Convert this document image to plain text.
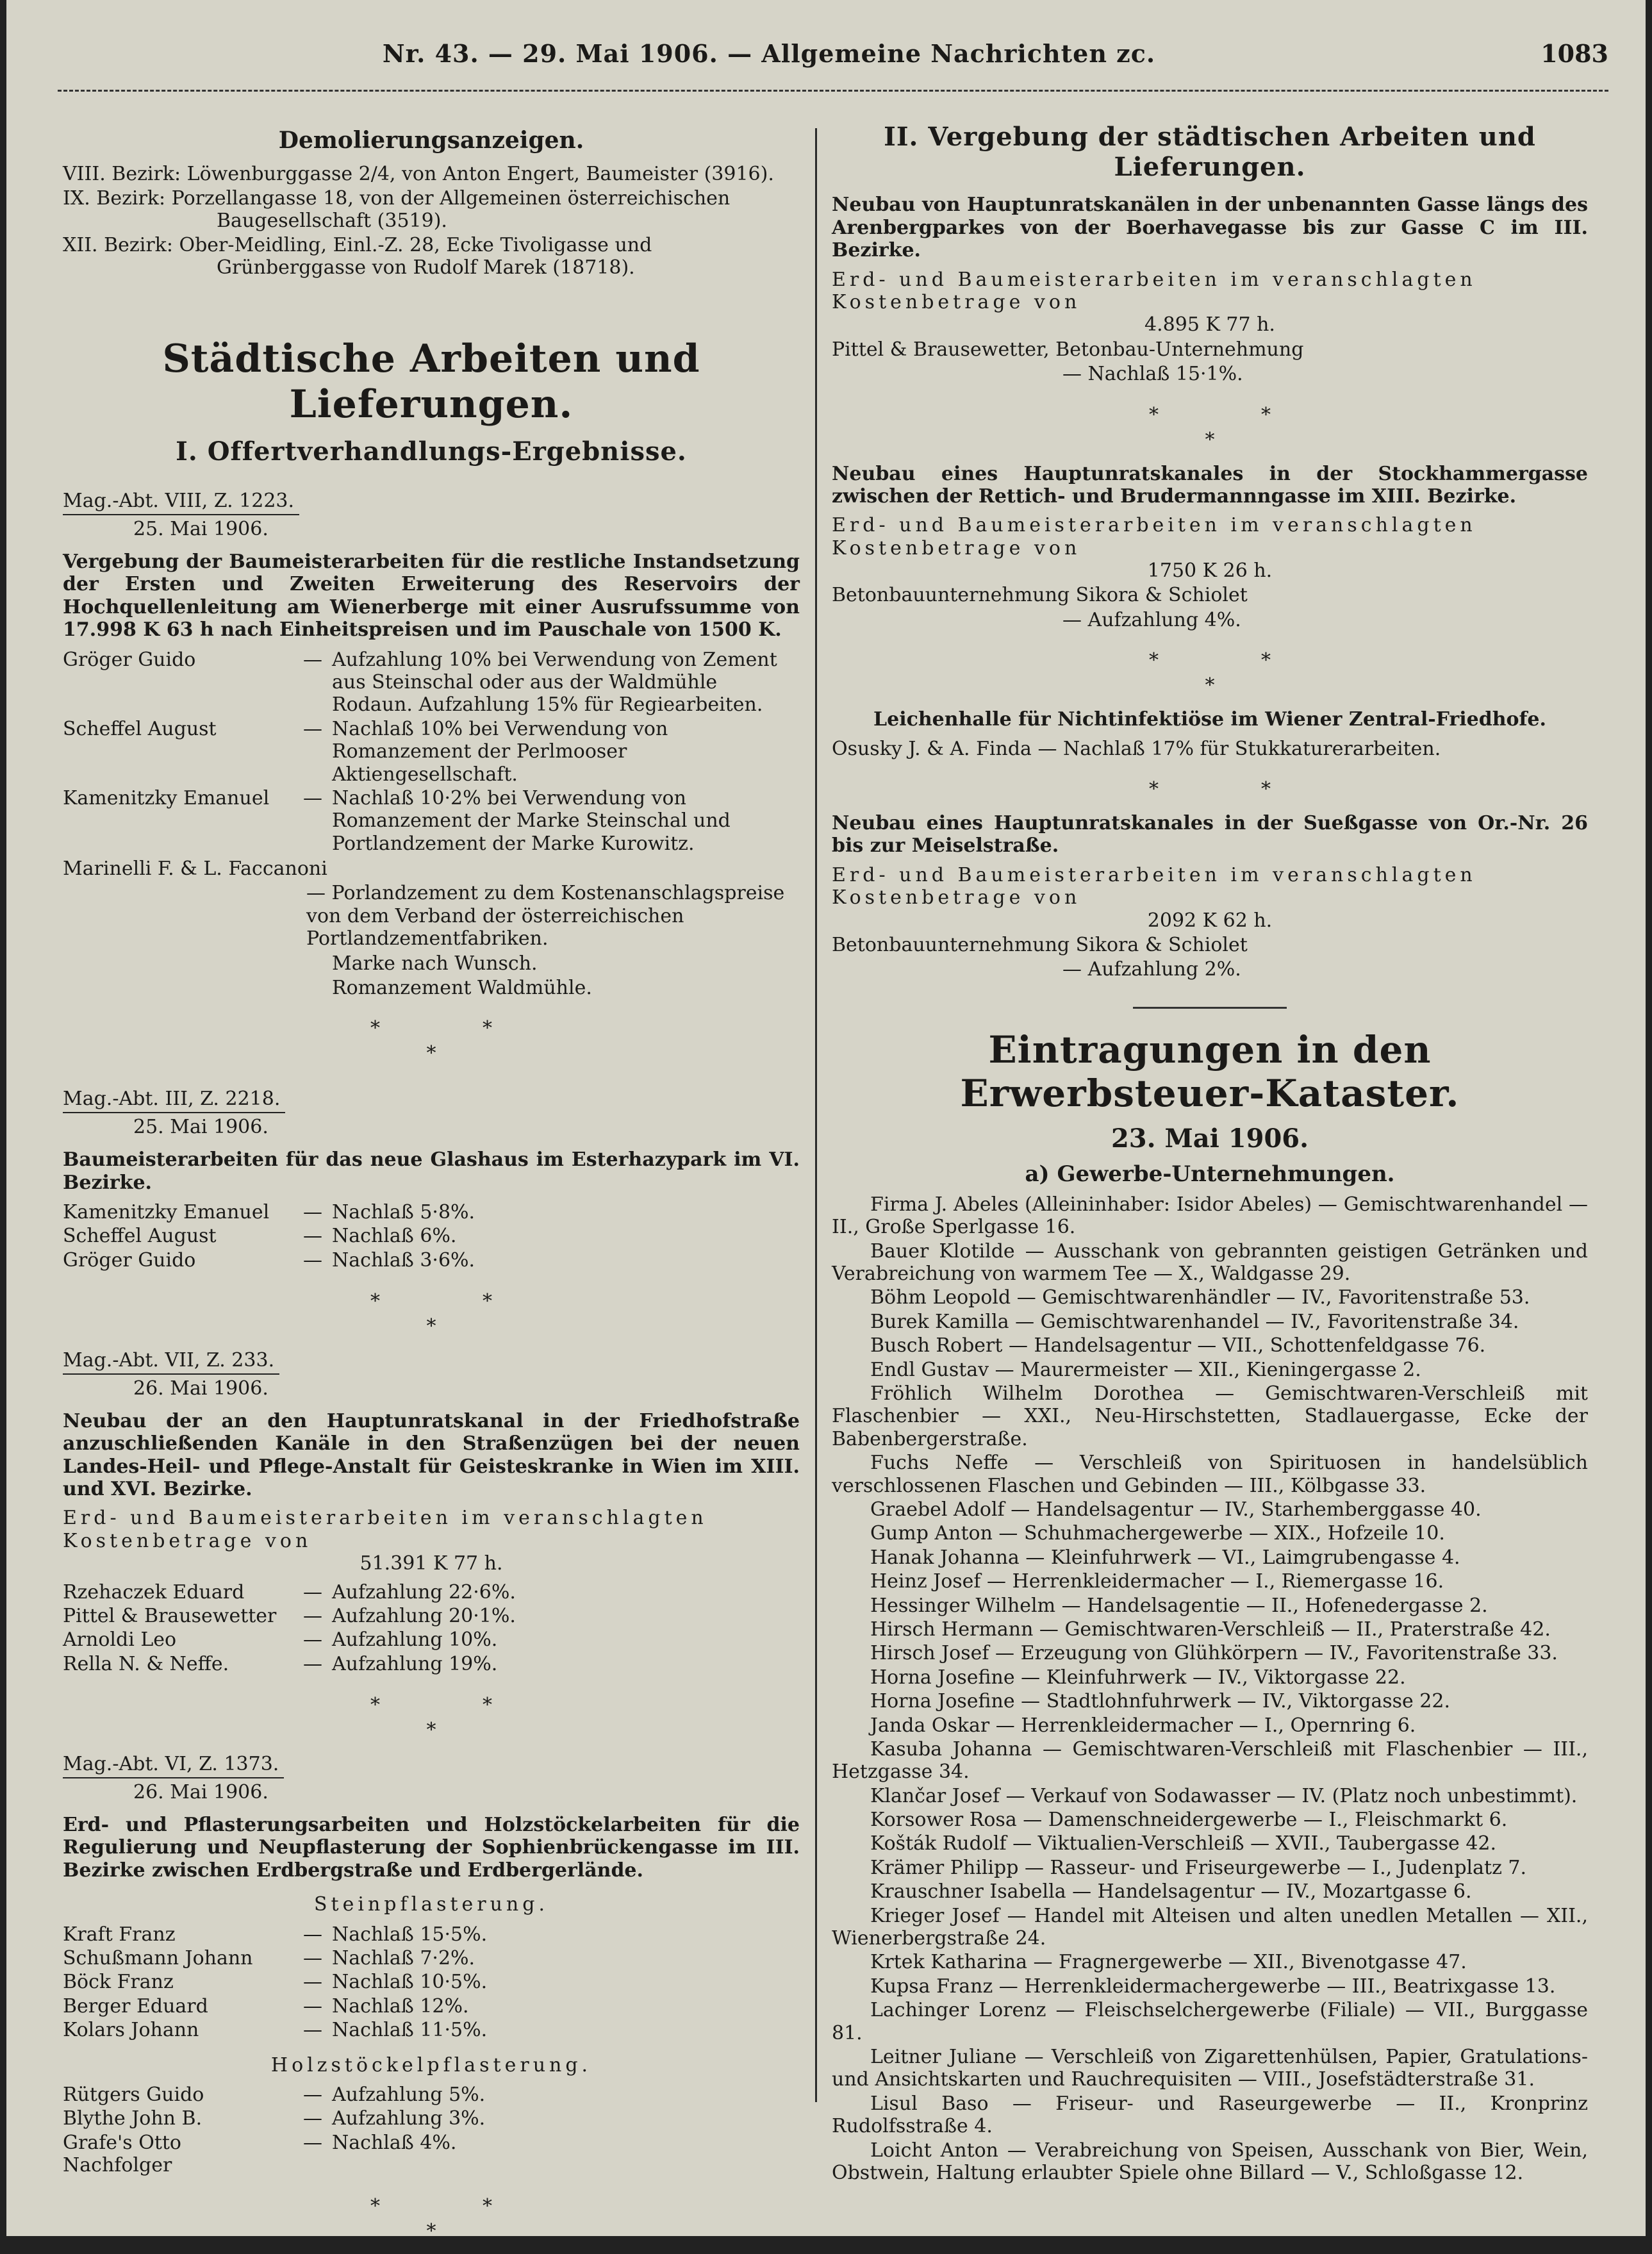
Nr. 43. — 29. Mai 1906. — Allgemeine Nachrichten zc.	1083
Demolierungsanzeigen.

VIII. Bezirk: Löwenburggasse 2/4, von Anton Engert, Baumeister (3916).

IX. Bezirk: Porzellangasse 18, von der Allgemeinen österreichischen Baugesellschaft (3519).

XII. Bezirk: Ober-Meidling, Einl.-Z. 28, Ecke Tivoligasse und Grünberggasse von Rudolf Marek (18718).

Städtische Arbeiten und Lieferungen.
I. Offertverhandlungs-Ergebnisse.
Mag.-Abt. VIII, Z. 1223.
25. Mai 1906.
Vergebung der Baumeisterarbeiten für die restliche Instandsetzung der Ersten und Zweiten Erweiterung des Reservoirs der Hochquellenleitung am Wienerberge mit einer Ausrufssumme von 17.998 K 63 h nach Einheitspreisen und im Pauschale von 1500 K.
Gröger Guido	—	Aufzahlung 10% bei Verwendung von Zement aus Steinschal oder aus der Waldmühle Rodaun. Aufzahlung 15% für Regiearbeiten.
Scheffel August	—	Nachlaß 10% bei Verwendung von Romanzement der Perlmooser Aktiengesellschaft.
Kamenitzky Emanuel	—	Nachlaß 10·2% bei Verwendung von Romanzement der Marke Steinschal und Portlandzement der Marke Kurowitz.
Marinelli F. & L. Faccanoni
— Porlandzement zu dem Kostenanschlagspreise von dem Verband der österreichischen Portlandzementfabriken.
Marke nach Wunsch.
Romanzement Waldmühle.
**
*
Mag.-Abt. III, Z. 2218.
25. Mai 1906.
Baumeisterarbeiten für das neue Glashaus im Esterhazypark im VI. Bezirke.
Kamenitzky Emanuel	—	Nachlaß 5·8%.
Scheffel August	—	Nachlaß 6%.
Gröger Guido	—	Nachlaß 3·6%.
**
*
Mag.-Abt. VII, Z. 233.
26. Mai 1906.
Neubau der an den Hauptunratskanal in der Friedhofstraße anzuschließenden Kanäle in den Straßenzügen bei der neuen Landes-Heil- und Pflege-Anstalt für Geisteskranke in Wien im XIII. und XVI. Bezirke.
Erd- und Baumeisterarbeiten im veranschlagten Kostenbetrage von
51.391 K 77 h.
Rzehaczek Eduard	—	Aufzahlung 22·6%.
Pittel & Brausewetter	—	Aufzahlung 20·1%.
Arnoldi Leo	—	Aufzahlung 10%.
Rella N. & Neffe.	—	Aufzahlung 19%.
**
*
Mag.-Abt. VI, Z. 1373.
26. Mai 1906.
Erd- und Pflasterungsarbeiten und Holzstöckelarbeiten für die Regulierung und Neupflasterung der Sophienbrückengasse im III. Bezirke zwischen Erdbergstraße und Erdbergerlände.
Steinpflasterung.
Kraft Franz	—	Nachlaß 15·5%.
Schußmann Johann	—	Nachlaß 7·2%.
Böck Franz	—	Nachlaß 10·5%.
Berger Eduard	—	Nachlaß 12%.
Kolars Johann	—	Nachlaß 11·5%.
Holzstöckelpflasterung.
Rütgers Guido	—	Aufzahlung 5%.
Blythe John B.	—	Aufzahlung 3%.
Grafe's Otto Nachfolger	—	Nachlaß 4%.
**
*
II. Vergebung der städtischen Arbeiten und Lieferungen.
Neubau von Hauptunratskanälen in der unbenannten Gasse längs des Arenbergparkes von der Boerhavegasse bis zur Gasse C im III. Bezirke.
Erd- und Baumeisterarbeiten im veranschlagten Kostenbetrage von
4.895 K 77 h.
Pittel & Brausewetter, Betonbau-Unternehmung
— Nachlaß 15·1%.
**
*
Neubau eines Hauptunratskanales in der Stockhammergasse zwischen der Rettich- und Brudermannngasse im XIII. Bezirke.
Erd- und Baumeisterarbeiten im veranschlagten Kostenbetrage von
1750 K 26 h.
Betonbauunternehmung Sikora & Schiolet
— Aufzahlung 4%.
**
*
Leichenhalle für Nichtinfektiöse im Wiener Zentral-Friedhofe.
Osusky J. & A. Finda — Nachlaß 17% für Stukkaturerarbeiten.
**
Neubau eines Hauptunratskanales in der Sueßgasse von Or.-Nr. 26 bis zur Meiselstraße.
Erd- und Baumeisterarbeiten im veranschlagten Kostenbetrage von
2092 K 62 h.
Betonbauunternehmung Sikora & Schiolet
— Aufzahlung 2%.
Eintragungen in den Erwerbsteuer-Kataster.
23. Mai 1906.
a) Gewerbe-Unternehmungen.
Firma J. Abeles (Alleininhaber: Isidor Abeles) — Gemischtwarenhandel — II., Große Sperlgasse 16.
Bauer Klotilde — Ausschank von gebrannten geistigen Getränken und Verabreichung von warmem Tee — X., Waldgasse 29.
Böhm Leopold — Gemischtwarenhändler — IV., Favoritenstraße 53.
Burek Kamilla — Gemischtwarenhandel — IV., Favoritenstraße 34.
Busch Robert — Handelsagentur — VII., Schottenfeldgasse 76.
Endl Gustav — Maurermeister — XII., Kieningergasse 2.
Fröhlich Wilhelm Dorothea — Gemischtwaren-Verschleiß mit Flaschenbier — XXI., Neu-Hirschstetten, Stadlauergasse, Ecke der Babenbergerstraße.
Fuchs Neffe — Verschleiß von Spirituosen in handelsüblich verschlossenen Flaschen und Gebinden — III., Kölbgasse 33.
Graebel Adolf — Handelsagentur — IV., Starhemberggasse 40.
Gump Anton — Schuhmachergewerbe — XIX., Hofzeile 10.
Hanak Johanna — Kleinfuhrwerk — VI., Laimgrubengasse 4.
Heinz Josef — Herrenkleidermacher — I., Riemergasse 16.
Hessinger Wilhelm — Handelsagentie — II., Hofenedergasse 2.
Hirsch Hermann — Gemischtwaren-Verschleiß — II., Praterstraße 42.
Hirsch Josef — Erzeugung von Glühkörpern — IV., Favoritenstraße 33.
Horna Josefine — Kleinfuhrwerk — IV., Viktorgasse 22.
Horna Josefine — Stadtlohnfuhrwerk — IV., Viktorgasse 22.
Janda Oskar — Herrenkleidermacher — I., Opernring 6.
Kasuba Johanna — Gemischtwaren-Verschleiß mit Flaschenbier — III., Hetzgasse 34.
Klančar Josef — Verkauf von Sodawasser — IV. (Platz noch unbestimmt).
Korsower Rosa — Damenschneidergewerbe — I., Fleischmarkt 6.
Košták Rudolf — Viktualien-Verschleiß — XVII., Taubergasse 42.
Krämer Philipp — Rasseur- und Friseurgewerbe — I., Judenplatz 7.
Krauschner Isabella — Handelsagentur — IV., Mozartgasse 6.
Krieger Josef — Handel mit Alteisen und alten unedlen Metallen — XII., Wienerbergstraße 24.
Krtek Katharina — Fragnergewerbe — XII., Bivenotgasse 47.
Kupsa Franz — Herrenkleidermachergewerbe — III., Beatrixgasse 13.
Lachinger Lorenz — Fleischselchergewerbe (Filiale) — VII., Burggasse 81.
Leitner Juliane — Verschleiß von Zigarettenhülsen, Papier, Gratulations- und Ansichtskarten und Rauchrequisiten — VIII., Josefstädterstraße 31.
Lisul Baso — Friseur- und Raseurgewerbe — II., Kronprinz Rudolfsstraße 4.
Loicht Anton — Verabreichung von Speisen, Ausschank von Bier, Wein, Obstwein, Haltung erlaubter Spiele ohne Billard — V., Schloßgasse 12.
